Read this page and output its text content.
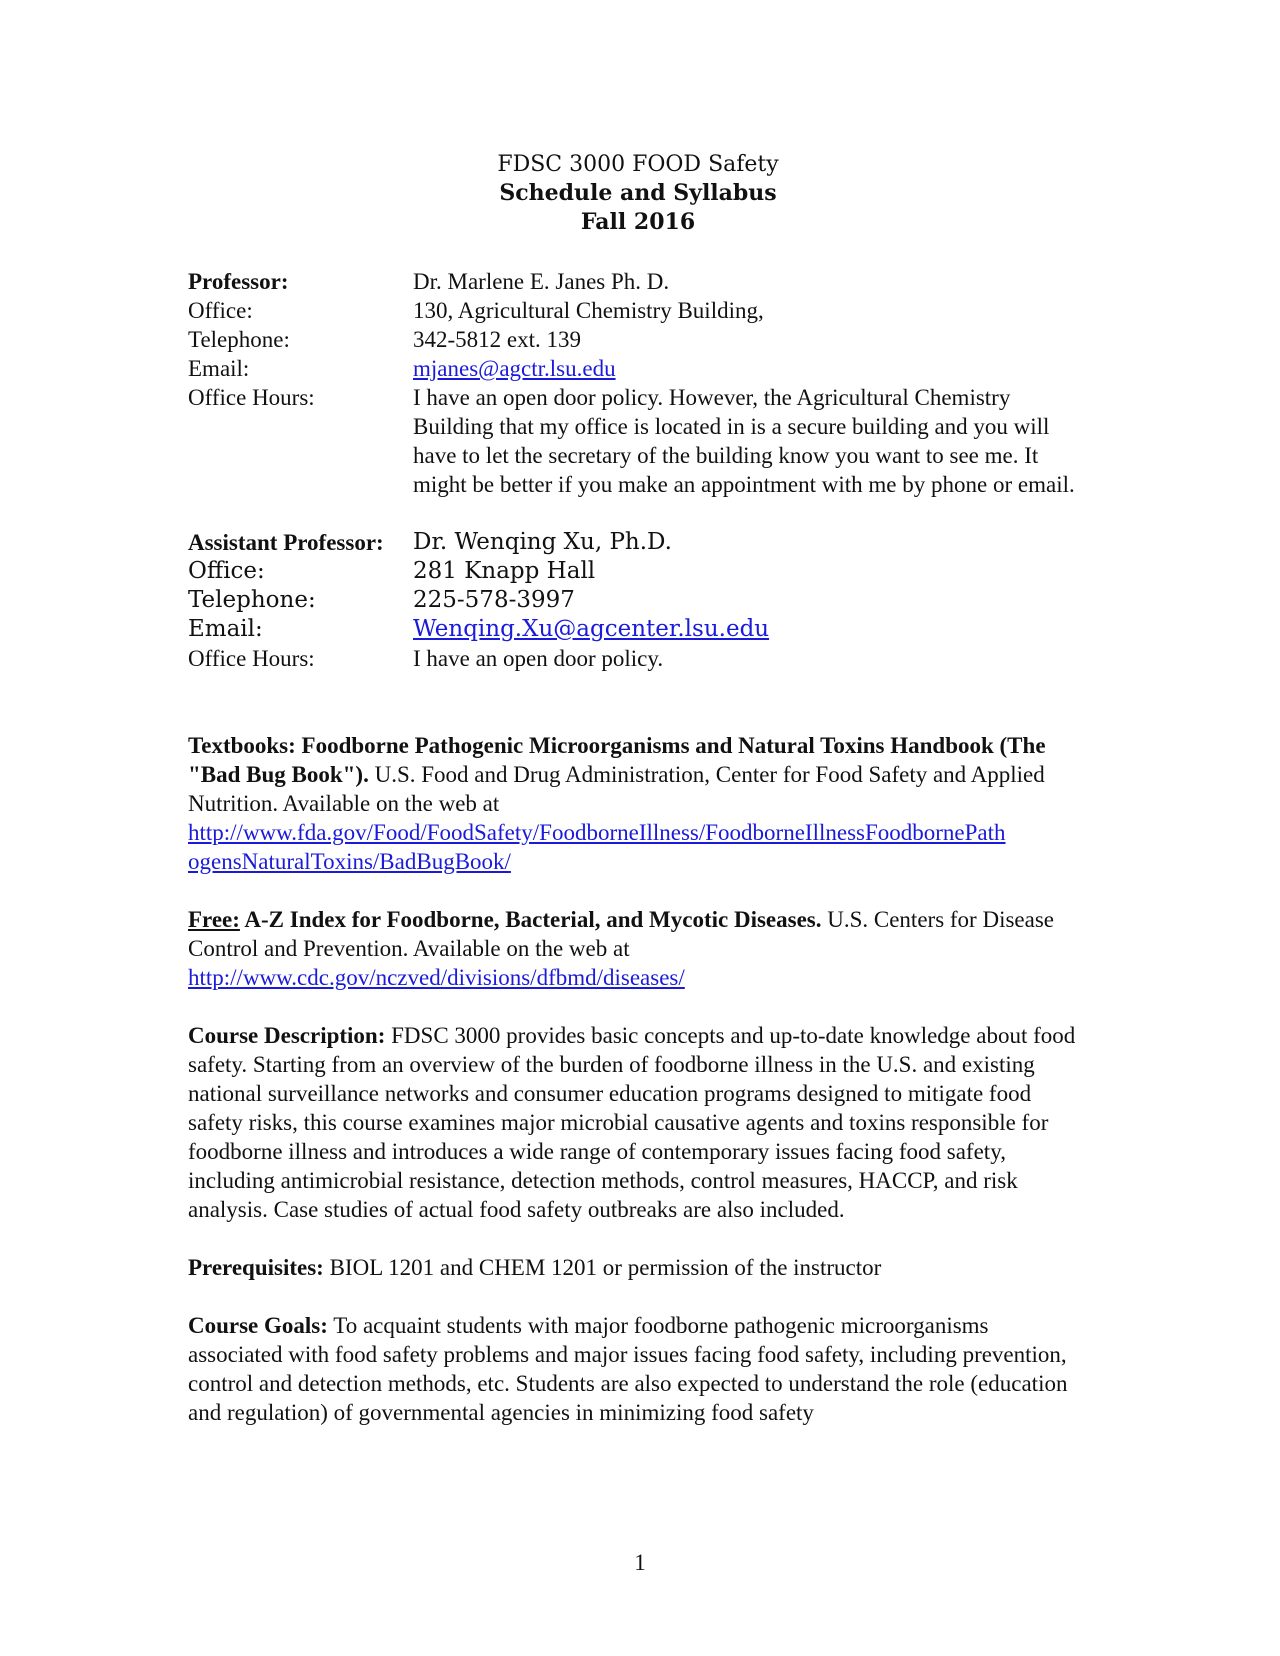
FDSC 3000 FOOD Safety
Schedule and Syllabus
Fall 2016
Professor:	Dr. Marlene E. Janes Ph. D.
Office:	130, Agricultural Chemistry Building,
Telephone:	342-5812 ext. 139
Email:	mjanes@agctr.lsu.edu
Office Hours:	I have an open door policy. However, the Agricultural Chemistry Building that my office is located in is a secure building and you will have to let the secretary of the building know you want to see me. It might be better if you make an appointment with me by phone or email.
Assistant Professor:	Dr. Wenqing Xu, Ph.D.
Office:	281 Knapp Hall
Telephone:	225-578-3997
Email:	Wenqing.Xu@agcenter.lsu.edu
Office Hours:	I have an open door policy.
Textbooks: Foodborne Pathogenic Microorganisms and Natural Toxins Handbook (The "Bad Bug Book"). U.S. Food and Drug Administration, Center for Food Safety and Applied Nutrition. Available on the web at
http://www.fda.gov/Food/FoodSafety/FoodborneIllness/FoodborneIllnessFoodbornePath
ogensNaturalToxins/BadBugBook/
Free: A-Z Index for Foodborne, Bacterial, and Mycotic Diseases. U.S. Centers for Disease Control and Prevention. Available on the web at
http://www.cdc.gov/nczved/divisions/dfbmd/diseases/
Course Description: FDSC 3000 provides basic concepts and up-to-date knowledge about food safety. Starting from an overview of the burden of foodborne illness in the U.S. and existing national surveillance networks and consumer education programs designed to mitigate food safety risks, this course examines major microbial causative agents and toxins responsible for foodborne illness and introduces a wide range of contemporary issues facing food safety, including antimicrobial resistance, detection methods, control measures, HACCP, and risk analysis. Case studies of actual food safety outbreaks are also included.
Prerequisites: BIOL 1201 and CHEM 1201 or permission of the instructor
Course Goals: To acquaint students with major foodborne pathogenic microorganisms associated with food safety problems and major issues facing food safety, including prevention, control and detection methods, etc. Students are also expected to understand the role (education and regulation) of governmental agencies in minimizing food safety
1
